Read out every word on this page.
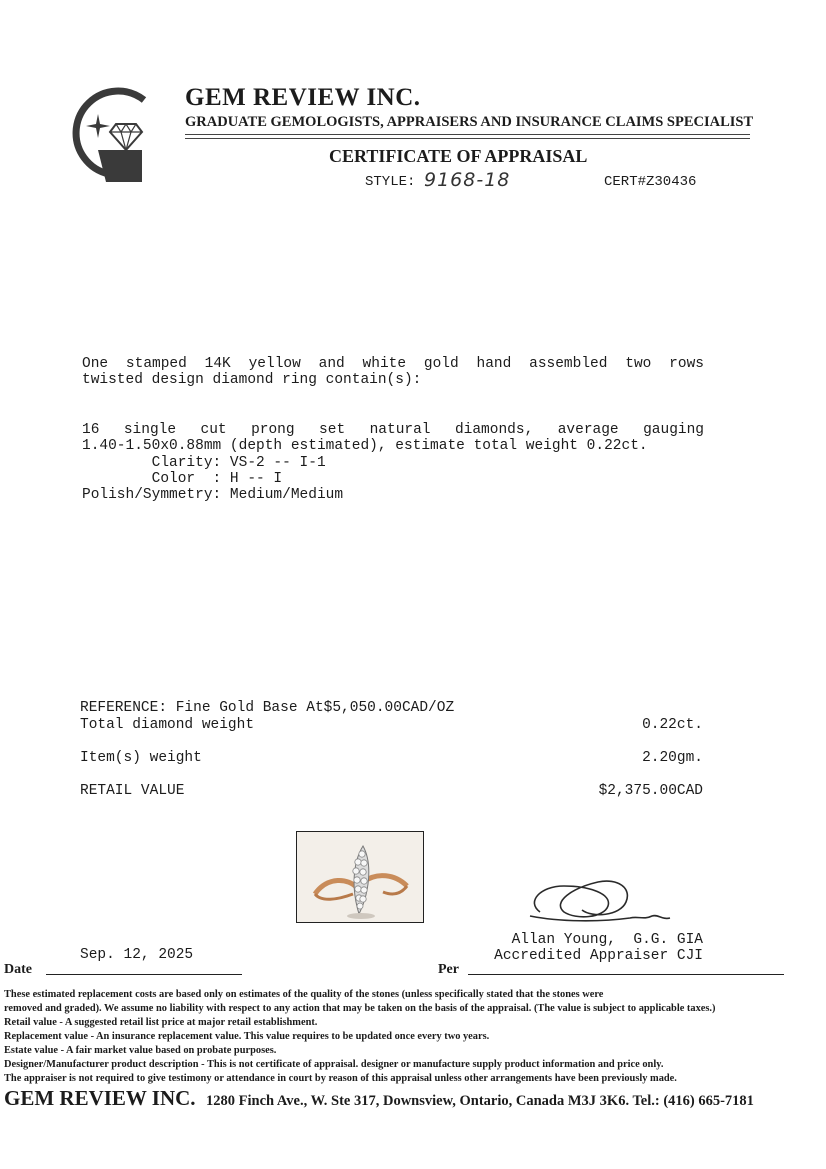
GEM REVIEW INC.
GRADUATE GEMOLOGISTS, APPRAISERS AND INSURANCE CLAIMS SPECIALIST
CERTIFICATE OF APPRAISAL
STYLE: 9168-18	CERT#Z30436
One stamped 14K yellow and white gold hand assembled two rows
twisted design diamond ring contain(s):
16 single cut prong set natural diamonds, average gauging
1.40-1.50x0.88mm (depth estimated), estimate total weight 0.22ct.
Clarity: VS-2 -- I-1
Color  : H -- I
Polish/Symmetry: Medium/Medium
REFERENCE: Fine Gold Base At$5,050.00CAD/OZ
Total diamond weight	0.22ct.
Item(s) weight	2.20gm.
RETAIL VALUE	$2,375.00CAD
Sep. 12, 2025
Date	Per
Allan Young,  G.G. GIA
Accredited Appraiser CJI
These estimated replacement costs are based only on estimates of the quality of the stones (unless specifically stated that the stones were
removed and graded). We assume no liability with respect to any action that may be taken on the basis of the appraisal. (The value is subject to applicable taxes.)
Retail value - A suggested retail list price at major retail establishment.
Replacement value - An insurance replacement value. This value requires to be updated once every two years.
Estate value - A fair market value based on probate purposes.
Designer/Manufacturer product description - This is not certificate of appraisal. designer or manufacture supply product information and price only.
The appraiser is not required to give testimony or attendance in court by reason of this appraisal unless other arrangements have been previously made.
GEM REVIEW INC. 1280 Finch Ave., W. Ste 317, Downsview, Ontario, Canada M3J 3K6. Tel.: (416) 665-7181
